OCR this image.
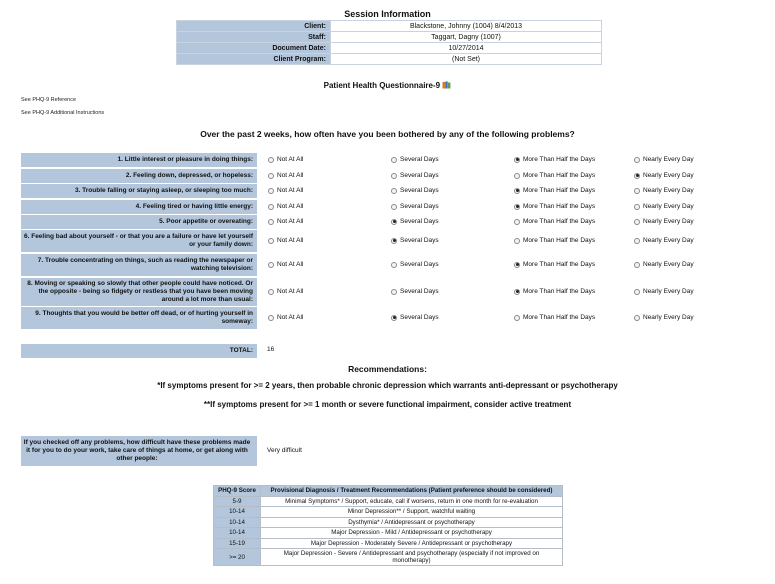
Session Information
Client:	Blackstone, Johnny (1004) 8/4/2013
Staff:	Taggart, Dagny (1007)
Document Date:	10/27/2014
Client Program:	(Not Set)
Patient Health Questionnaire-9
See PHQ-9 Reference
See PHQ-9 Additional Instructions
Over the past 2 weeks, how often have you been bothered by any of the following problems?
1. Little interest or pleasure in doing things:	Not At All	Several Days	More Than Half the Days	Nearly Every Day
2. Feeling down, depressed, or hopeless:	Not At All	Several Days	More Than Half the Days	Nearly Every Day
3. Trouble falling or staying asleep, or sleeping too much:	Not At All	Several Days	More Than Half the Days	Nearly Every Day
4. Feeling tired or having little energy:	Not At All	Several Days	More Than Half the Days	Nearly Every Day
5. Poor appetite or overeating:	Not At All	Several Days	More Than Half the Days	Nearly Every Day
6. Feeling bad about yourself - or that you are a failure or have let yourself or your family down:
Not At All	Several Days	More Than Half the Days	Nearly Every Day
7. Trouble concentrating on things, such as reading the newspaper or watching television:
Not At All	Several Days	More Than Half the Days	Nearly Every Day
8. Moving or speaking so slowly that other people could have noticed. Or the opposite - being so fidgety or restless that you have been moving around a lot more than usual:
Not At All	Several Days	More Than Half the Days	Nearly Every Day
9. Thoughts that you would be better off dead, or of hurting yourself in someway:
Not At All	Several Days	More Than Half the Days	Nearly Every Day
TOTAL: 16
Recommendations:
*If symptoms present for >= 2 years, then probable chronic depression which warrants anti-depressant or psychotherapy
**If symptoms present for >= 1 month or severe functional impairment, consider active treatment
If you checked off any problems, how difficult have these problems made it for you to do your work, take care of things at home, or get along with other people:
Very difficult
PHQ-9 Score	Provisional Diagnosis / Treatment Recommendations (Patient preference should be considered)
5-9	Minimal Symptoms* / Support, educate, call if worsens, return in one month for re-evaluation
10-14	Minor Depression** / Support, watchful waiting
10-14	Dysthymia* / Antidepressant or psychotherapy
10-14	Major Depression - Mild / Antidepressant or psychotherapy
15-19	Major Depression - Moderately Severe / Antidepressant or psychotherapy
>= 20	Major Depression - Severe / Antidepressant and psychotherapy (especially if not improved on monotherapy)
